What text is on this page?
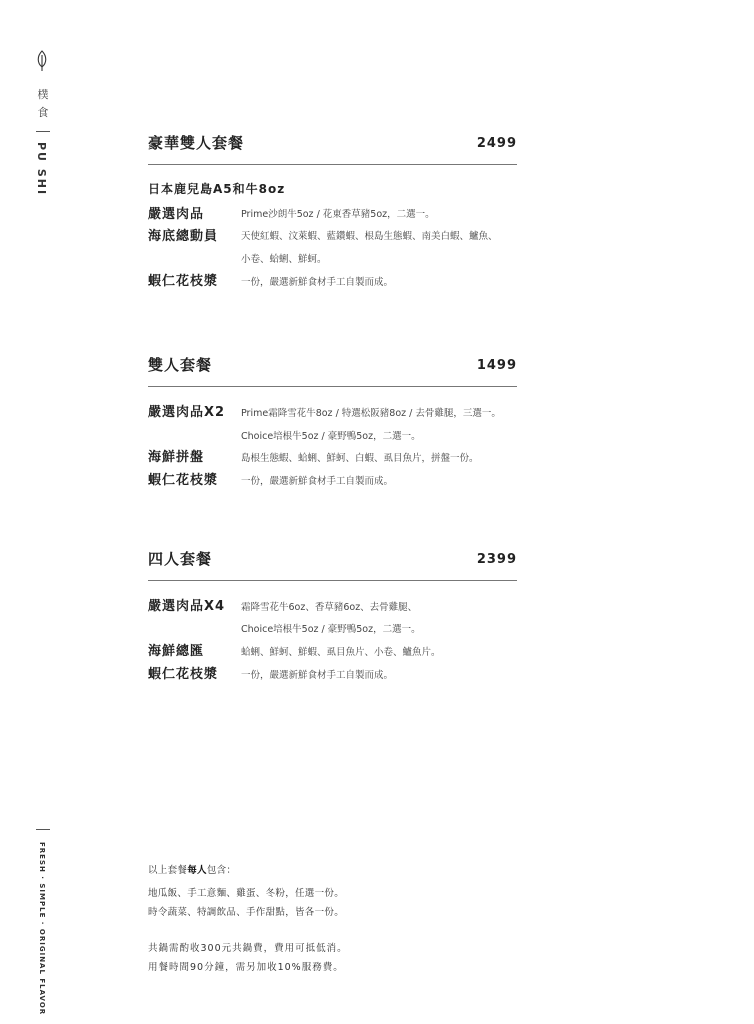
樸
食
PU SHI
FRESH · SIMPLE · ORIGINAL FLAVOR
豪華雙人套餐	2499
日本鹿兒島A5和牛8oz
嚴選肉品	Prime沙朗牛5oz / 花東香草豬5oz，二選一。
海底總動員 天使紅蝦、汶萊蝦、藍鑽蝦、根島生態蝦、南美白蝦、鱸魚、
小卷、蛤蜊、鮮蚵。
蝦仁花枝漿 一份，嚴選新鮮食材手工自製而成。
雙人套餐	1499
嚴選肉品X2 Prime霜降雪花牛8oz / 特選松阪豬8oz / 去骨雞腿，三選一。
Choice培根牛5oz / 豪野鴨5oz，二選一。
海鮮拼盤	島根生態蝦、蛤蜊、鮮蚵、白蝦、虱目魚片，拼盤一份。
蝦仁花枝漿 一份，嚴選新鮮食材手工自製而成。
四人套餐	2399
嚴選肉品X4 霜降雪花牛6oz、香草豬6oz、去骨雞腿、
Choice培根牛5oz / 豪野鴨5oz，二選一。
海鮮總匯	蛤蜊、鮮蚵、鮮蝦、虱目魚片、小卷、鱸魚片。
蝦仁花枝漿 一份，嚴選新鮮食材手工自製而成。
以上套餐每人包含：
地瓜飯、手工意麵、雞蛋、冬粉，任選一份。
時令蔬菜、特調飲品、手作甜點，皆各一份。
共鍋需酌收300元共鍋費，費用可抵低消。
用餐時間90分鐘，需另加收10%服務費。
